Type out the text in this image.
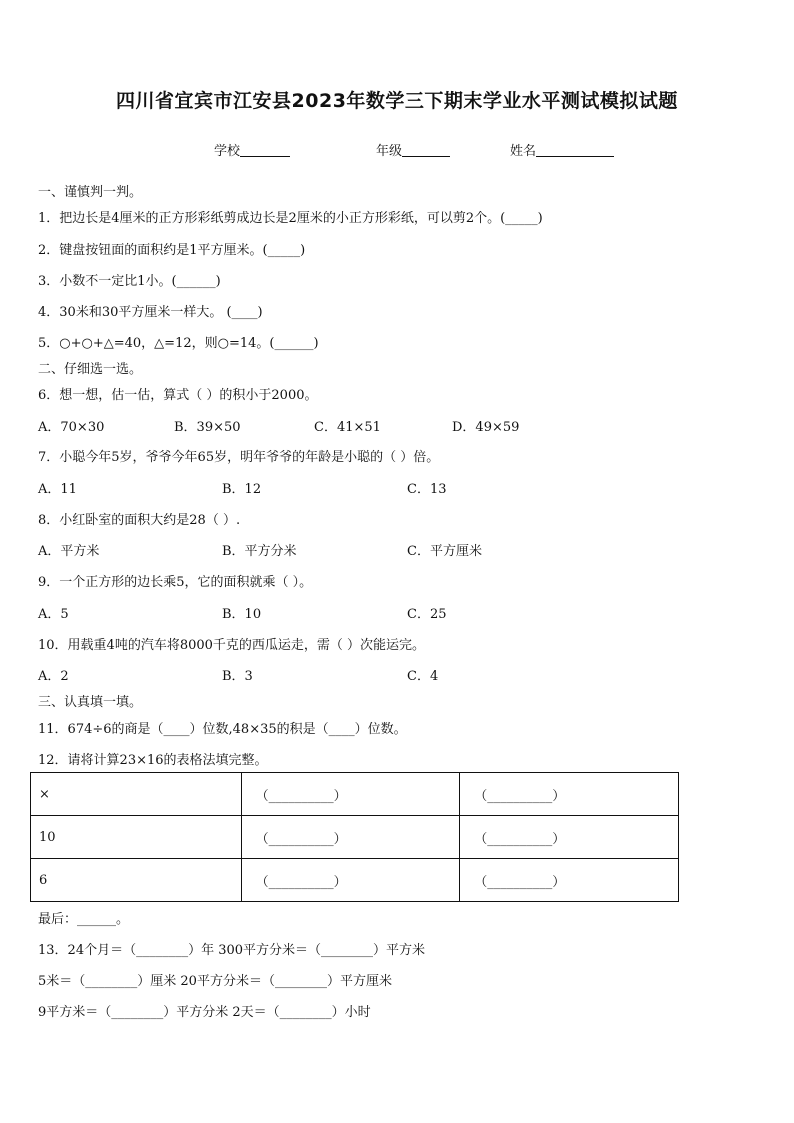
四川省宜宾市江安县2023年数学三下期末学业水平测试模拟试题
学校	年级	姓名
一、谨慎判一判。
1．把边长是4厘米的正方形彩纸剪成边长是2厘米的小正方形彩纸，可以剪2个。(_____)
2．键盘按钮面的面积约是1平方厘米。(_____)
3．小数不一定比1小。(______)
4．30米和30平方厘米一样大。 (____)
5．○+○+△=40，△=12，则○=14。(______)
二、仔细选一选。
6．想一想，估一估，算式（ ）的积小于2000。
A．70×30	B．39×50	C．41×51	D．49×59
7．小聪今年5岁，爷爷今年65岁，明年爷爷的年龄是小聪的（ ）倍。
A．11	B．12	C．13
8．小红卧室的面积大约是28（ ）.
A．平方米	B．平方分米	C．平方厘米
9．一个正方形的边长乘5，它的面积就乘（ ）。
A．5	B．10	C．25
10．用载重4吨的汽车将8000千克的西瓜运走，需（ ）次能运完。
A．2	B．3	C．4
三、认真填一填。
11．674÷6的商是（____）位数,48×35的积是（____）位数。
12．请将计算23×16的表格法填完整。
×	（__________）	（__________）
10	（__________）	（__________）
6	（__________）	（__________）
最后：______。
13．24个月＝（________）年 300平方分米＝（________）平方米
5米＝（________）厘米 20平方分米＝（________）平方厘米
9平方米＝（________）平方分米 2天＝（________）小时
